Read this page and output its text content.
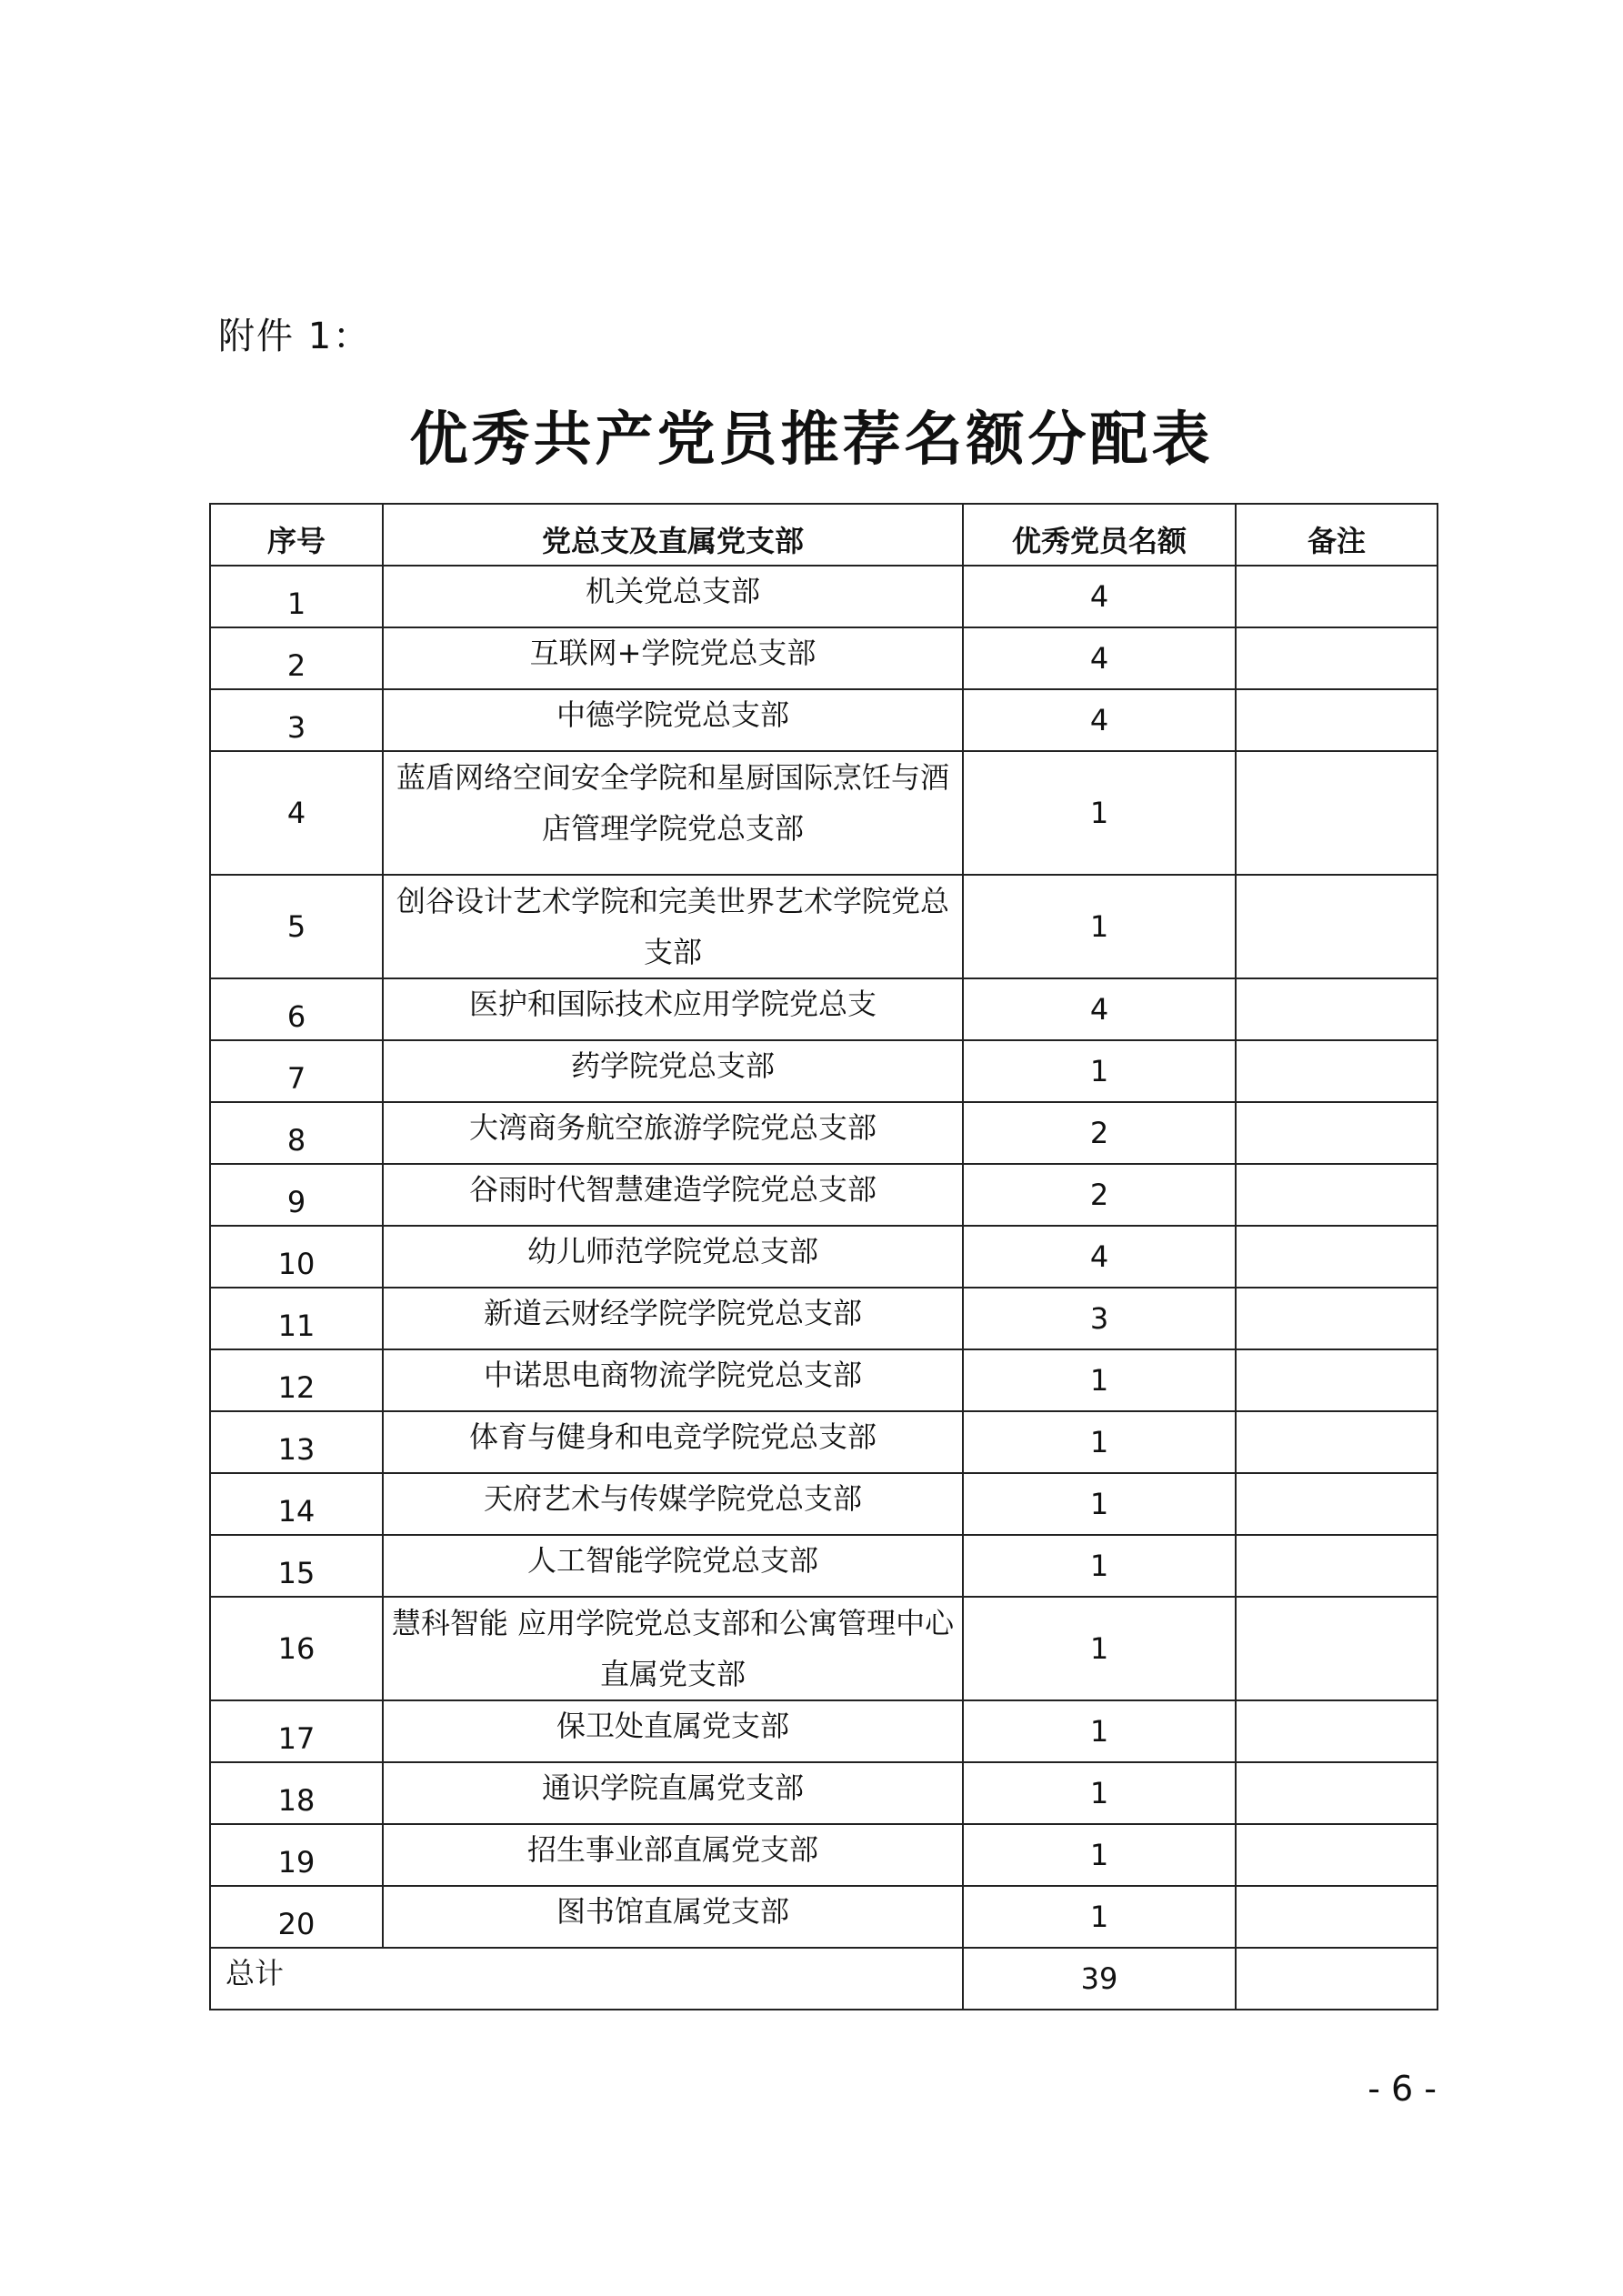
附件 1：
优秀共产党员推荐名额分配表
序号	党总支及直属党支部	优秀党员名额	备注
1	机关党总支部	4	
2	互联网+学院党总支部	4	
3	中德学院党总支部	4	
4	蓝盾网络空间安全学院和星厨国际烹饪与酒店管理学院党总支部	1	
5	创谷设计艺术学院和完美世界艺术学院党总支部	1	
6	医护和国际技术应用学院党总支	4	
7	药学院党总支部	1	
8	大湾商务航空旅游学院党总支部	2	
9	谷雨时代智慧建造学院党总支部	2	
10	幼儿师范学院党总支部	4	
11	新道云财经学院学院党总支部	3	
12	中诺思电商物流学院党总支部	1	
13	体育与健身和电竞学院党总支部	1	
14	天府艺术与传媒学院党总支部	1	
15	人工智能学院党总支部	1	
16	慧科智能 应用学院党总支部和公寓管理中心直属党支部	1	
17	保卫处直属党支部	1	
18	通识学院直属党支部	1	
19	招生事业部直属党支部	1	
20	图书馆直属党支部	1	
总计		39	
- 6 -
